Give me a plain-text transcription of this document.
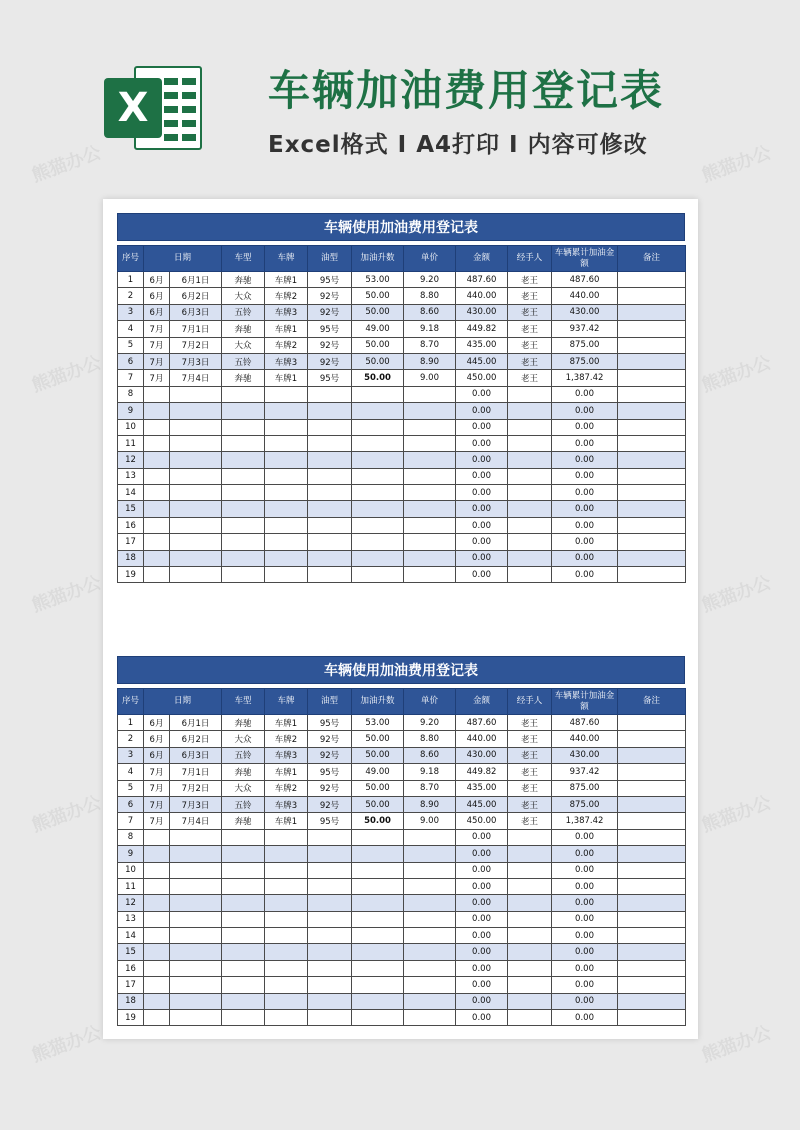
熊猫办公	熊猫办公
熊猫办公	熊猫办公
熊猫办公	熊猫办公
熊猫办公	熊猫办公
熊猫办公	熊猫办公
X	车辆加油费用登记表
Excel格式 I A4打印 I 内容可修改
车辆使用加油费用登记表
序号	日期		车型	车牌	油型	加油升数	单价	金额	经手人	车辆累计加油金额	备注
1	6月	6月1日	奔驰	车牌1	95号	53.00	9.20	487.60	老王	487.60	
2	6月	6月2日	大众	车牌2	92号	50.00	8.80	440.00	老王	440.00	
3	6月	6月3日	五铃	车牌3	92号	50.00	8.60	430.00	老王	430.00	
4	7月	7月1日	奔驰	车牌1	95号	49.00	9.18	449.82	老王	937.42	
5	7月	7月2日	大众	车牌2	92号	50.00	8.70	435.00	老王	875.00	
6	7月	7月3日	五铃	车牌3	92号	50.00	8.90	445.00	老王	875.00	
7	7月	7月4日	奔驰	车牌1	95号	50.00	9.00	450.00	老王	1,387.42	
8								0.00		0.00	
9								0.00		0.00	
10								0.00		0.00	
11								0.00		0.00	
12								0.00		0.00	
13								0.00		0.00	
14								0.00		0.00	
15								0.00		0.00	
16								0.00		0.00	
17								0.00		0.00	
18								0.00		0.00	
19								0.00		0.00	
车辆使用加油费用登记表
序号	日期		车型	车牌	油型	加油升数	单价	金额	经手人	车辆累计加油金额	备注
1	6月	6月1日	奔驰	车牌1	95号	53.00	9.20	487.60	老王	487.60	
2	6月	6月2日	大众	车牌2	92号	50.00	8.80	440.00	老王	440.00	
3	6月	6月3日	五铃	车牌3	92号	50.00	8.60	430.00	老王	430.00	
4	7月	7月1日	奔驰	车牌1	95号	49.00	9.18	449.82	老王	937.42	
5	7月	7月2日	大众	车牌2	92号	50.00	8.70	435.00	老王	875.00	
6	7月	7月3日	五铃	车牌3	92号	50.00	8.90	445.00	老王	875.00	
7	7月	7月4日	奔驰	车牌1	95号	50.00	9.00	450.00	老王	1,387.42	
8								0.00		0.00	
9								0.00		0.00	
10								0.00		0.00	
11								0.00		0.00	
12								0.00		0.00	
13								0.00		0.00	
14								0.00		0.00	
15								0.00		0.00	
16								0.00		0.00	
17								0.00		0.00	
18								0.00		0.00	
19								0.00		0.00	
